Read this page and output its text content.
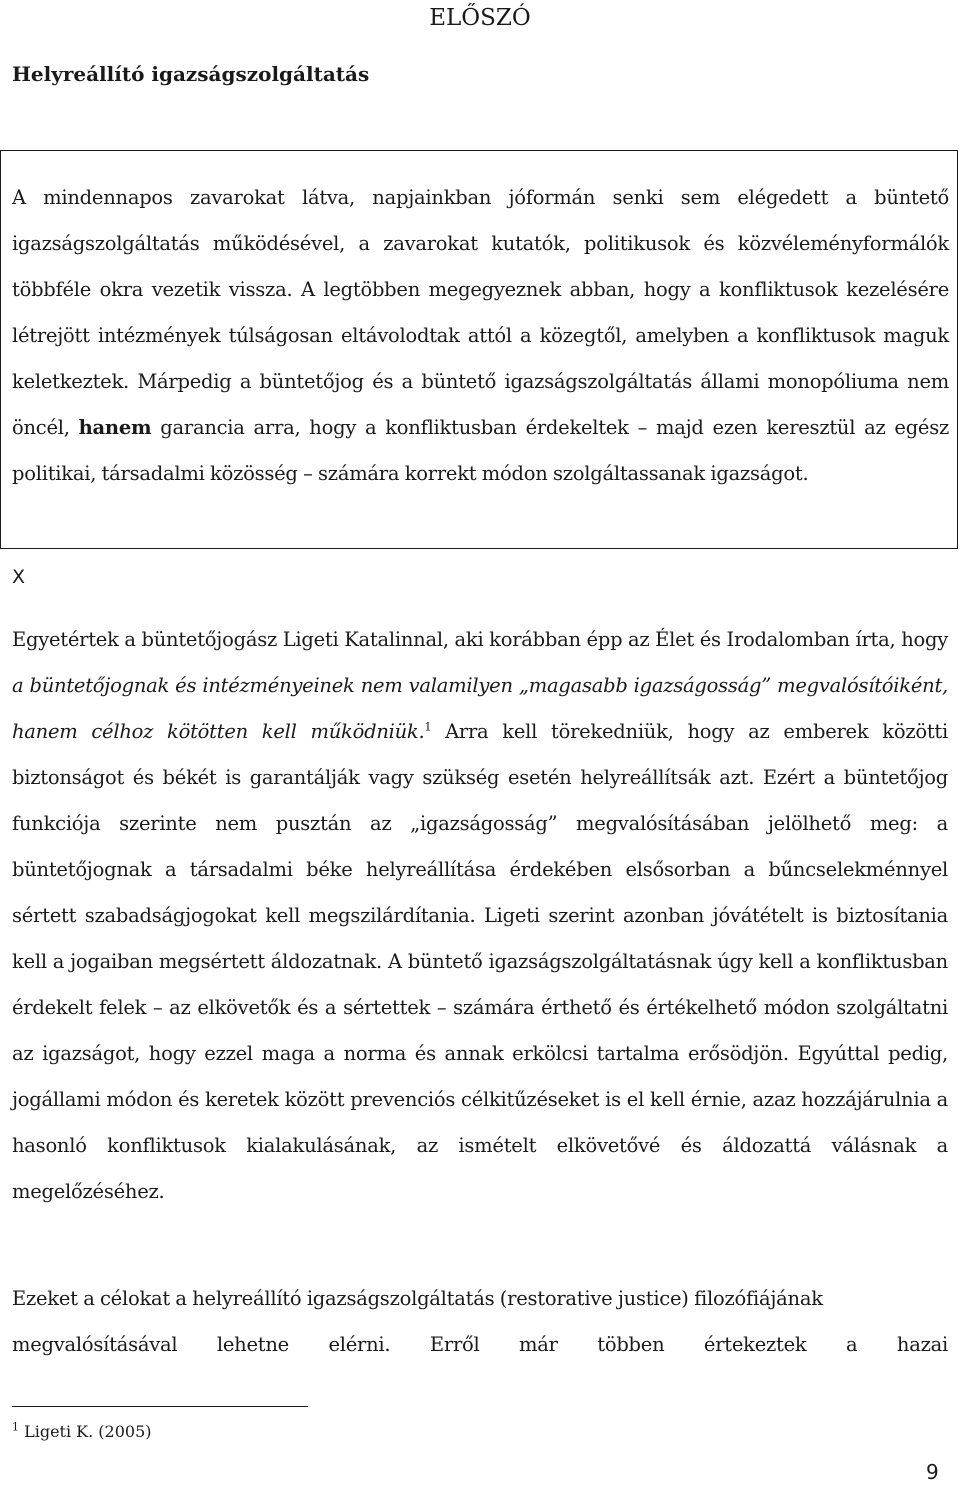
ELŐSZÓ
Helyreállító igazságszolgáltatás

A mindennapos zavarokat látva, napjainkban jóformán senki sem elégedett a büntető igazságszolgáltatás működésével, a zavarokat kutatók, politikusok és közvéleményformálók többféle okra vezetik vissza. A legtöbben megegyeznek abban, hogy a konfliktusok kezelésére létrejött intézmények túlságosan eltávolodtak attól a közegtől, amelyben a konfliktusok maguk keletkeztek. Márpedig a büntetőjog és a büntető igazságszolgáltatás állami monopóliuma nem öncél, hanem garancia arra, hogy a konfliktusban érdekeltek – majd ezen keresztül az egész politikai, társadalmi közösség – számára korrekt módon szolgáltassanak igazságot.

X

Egyetértek a büntetőjogász Ligeti Katalinnal, aki korábban épp az Élet és Irodalomban írta, hogy a büntetőjognak és intézményeinek nem valamilyen „magasabb igazságosság” megvalósítóiként, hanem célhoz kötötten kell működniük.$^1$ Arra kell törekedniük, hogy az emberek közötti biztonságot és békét is garantálják vagy szükség esetén helyreállítsák azt. Ezért a büntetőjog funkciója szerinte nem pusztán az „igazságosság” megvalósításában jelölhető meg: a büntetőjognak a társadalmi béke helyreállítása érdekében elsősorban a bűncselekménnyel sértett szabadságjogokat kell megszilárdítania. Ligeti szerint azonban jóvátételt is biztosítania kell a jogaiban megsértett áldozatnak. A büntető igazságszolgáltatásnak úgy kell a konfliktusban érdekelt felek – az elkövetők és a sértettek – számára érthető és értékelhető módon szolgáltatni az igazságot, hogy ezzel maga a norma és annak erkölcsi tartalma erősödjön. Egyúttal pedig, jogállami módon és keretek között prevenciós célkitűzéseket is el kell érnie, azaz hozzájárulnia a hasonló konfliktusok kialakulásának, az ismételt elkövetővé és áldozattá válásnak a megelőzéséhez.

Ezeket a célokat a helyreállító igazságszolgáltatás (restorative justice) filozófiájának

megvalósításával lehetne elérni. Erről már többen értekeztek a hazai

$^1$ Ligeti K. (2005)
9
